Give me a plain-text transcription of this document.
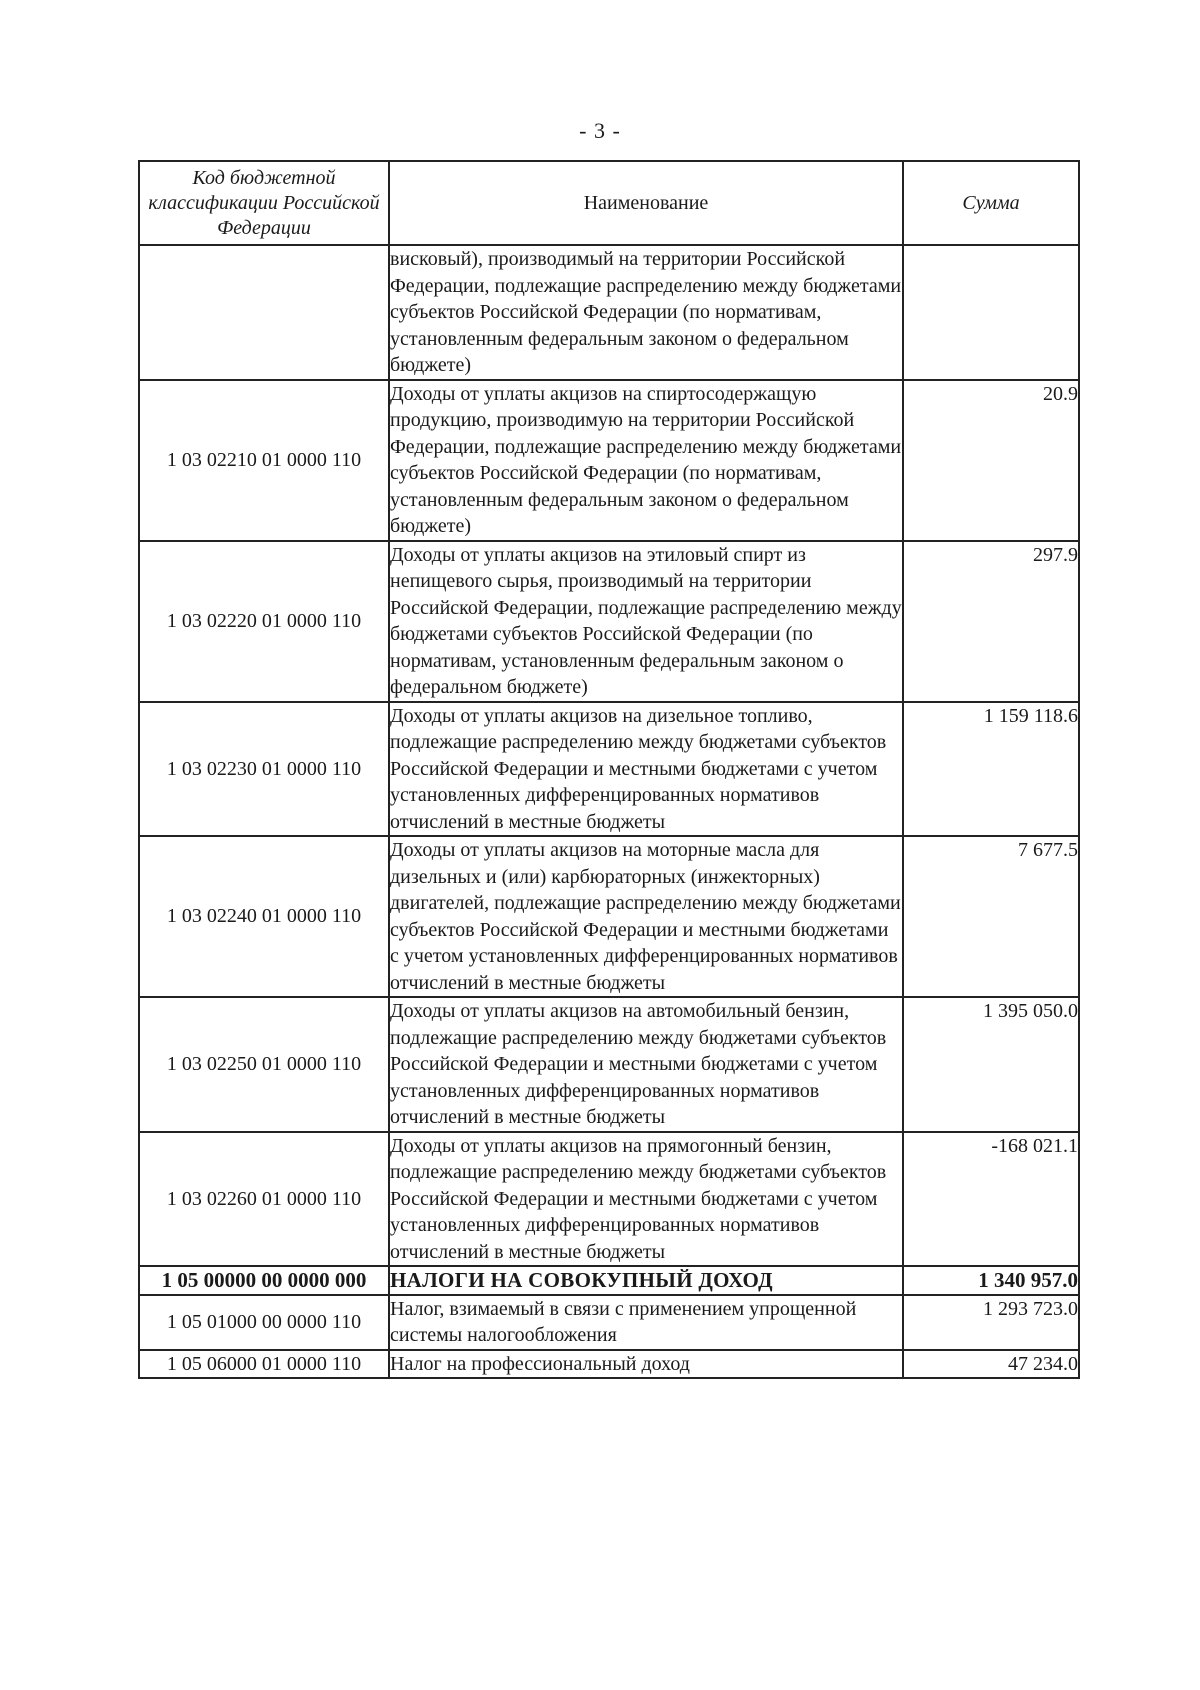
- 3 -
Код бюджетной классификации Российской Федерации	Наименование	Сумма
	висковый), производимый на территории Российской Федерации, подлежащие распределению между бюджетами субъектов Российской Федерации (по нормативам, установленным федеральным законом о федеральном бюджете)	
1 03 02210 01 0000 110	Доходы от уплаты акцизов на спиртосодержащую продукцию, производимую на территории Российской Федерации, подлежащие распределению между бюджетами субъектов Российской Федерации (по нормативам, установленным федеральным законом о федеральном бюджете)	20.9
1 03 02220 01 0000 110	Доходы от уплаты акцизов на этиловый спирт из непищевого сырья, производимый на территории Российской Федерации, подлежащие распределению между бюджетами субъектов Российской Федерации (по нормативам, установленным федеральным законом о федеральном бюджете)	297.9
1 03 02230 01 0000 110	Доходы от уплаты акцизов на дизельное топливо, подлежащие распределению между бюджетами субъектов Российской Федерации и местными бюджетами с учетом установленных дифференцированных нормативов отчислений в местные бюджеты	1 159 118.6
1 03 02240 01 0000 110	Доходы от уплаты акцизов на моторные масла для дизельных и (или) карбюраторных (инжекторных) двигателей, подлежащие распределению между бюджетами субъектов Российской Федерации и местными бюджетами с учетом установленных дифференцированных нормативов отчислений в местные бюджеты	7 677.5
1 03 02250 01 0000 110	Доходы от уплаты акцизов на автомобильный бензин, подлежащие распределению между бюджетами субъектов Российской Федерации и местными бюджетами с учетом установленных дифференцированных нормативов отчислений в местные бюджеты	1 395 050.0
1 03 02260 01 0000 110	Доходы от уплаты акцизов на прямогонный бензин, подлежащие распределению между бюджетами субъектов Российской Федерации и местными бюджетами с учетом установленных дифференцированных нормативов отчислений в местные бюджеты	-168 021.1
1 05 00000 00 0000 000	НАЛОГИ НА СОВОКУПНЫЙ ДОХОД	1 340 957.0
1 05 01000 00 0000 110	Налог, взимаемый в связи с применением упрощенной системы налогообложения	1 293 723.0
1 05 06000 01 0000 110	Налог на профессиональный доход	47 234.0
